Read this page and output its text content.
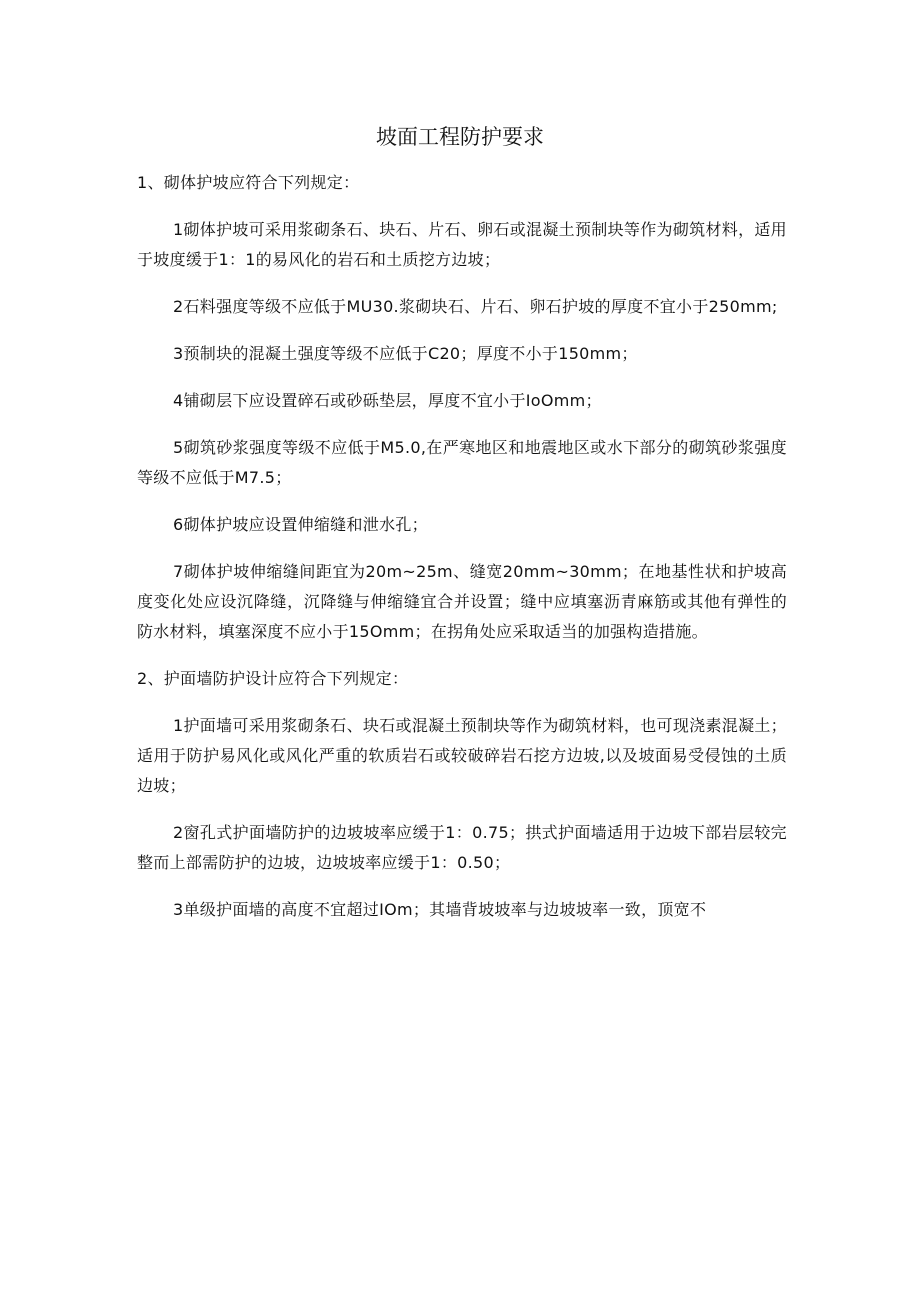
坡面工程防护要求

1、砌体护坡应符合下列规定：

1砌体护坡可采用浆砌条石、块石、片石、卵石或混凝土预制块等作为砌筑材料，适用于坡度缓于1：1的易风化的岩石和土质挖方边坡；

2石料强度等级不应低于MU30.浆砌块石、片石、卵石护坡的厚度不宜小于250mm;

3预制块的混凝土强度等级不应低于C20；厚度不小于150mm；

4铺砌层下应设置碎石或砂砾垫层，厚度不宜小于IoOmm；

5砌筑砂浆强度等级不应低于M5.0,在严寒地区和地震地区或水下部分的砌筑砂浆强度等级不应低于M7.5；

6砌体护坡应设置伸缩缝和泄水孔；

7砌体护坡伸缩缝间距宜为20m~25m、缝宽20mm~30mm；在地基性状和护坡高度变化处应设沉降缝，沉降缝与伸缩缝宜合并设置；缝中应填塞沥青麻筋或其他有弹性的防水材料，填塞深度不应小于15Omm；在拐角处应采取适当的加强构造措施。

2、护面墙防护设计应符合下列规定：

1护面墙可采用浆砌条石、块石或混凝土预制块等作为砌筑材料，也可现浇素混凝土；适用于防护易风化或风化严重的软质岩石或较破碎岩石挖方边坡,以及坡面易受侵蚀的土质边坡；

2窗孔式护面墙防护的边坡坡率应缓于1：0.75；拱式护面墙适用于边坡下部岩层较完整而上部需防护的边坡，边坡坡率应缓于1：0.50；

3单级护面墙的高度不宜超过IOm；其墙背坡坡率与边坡坡率一致，顶宽不
